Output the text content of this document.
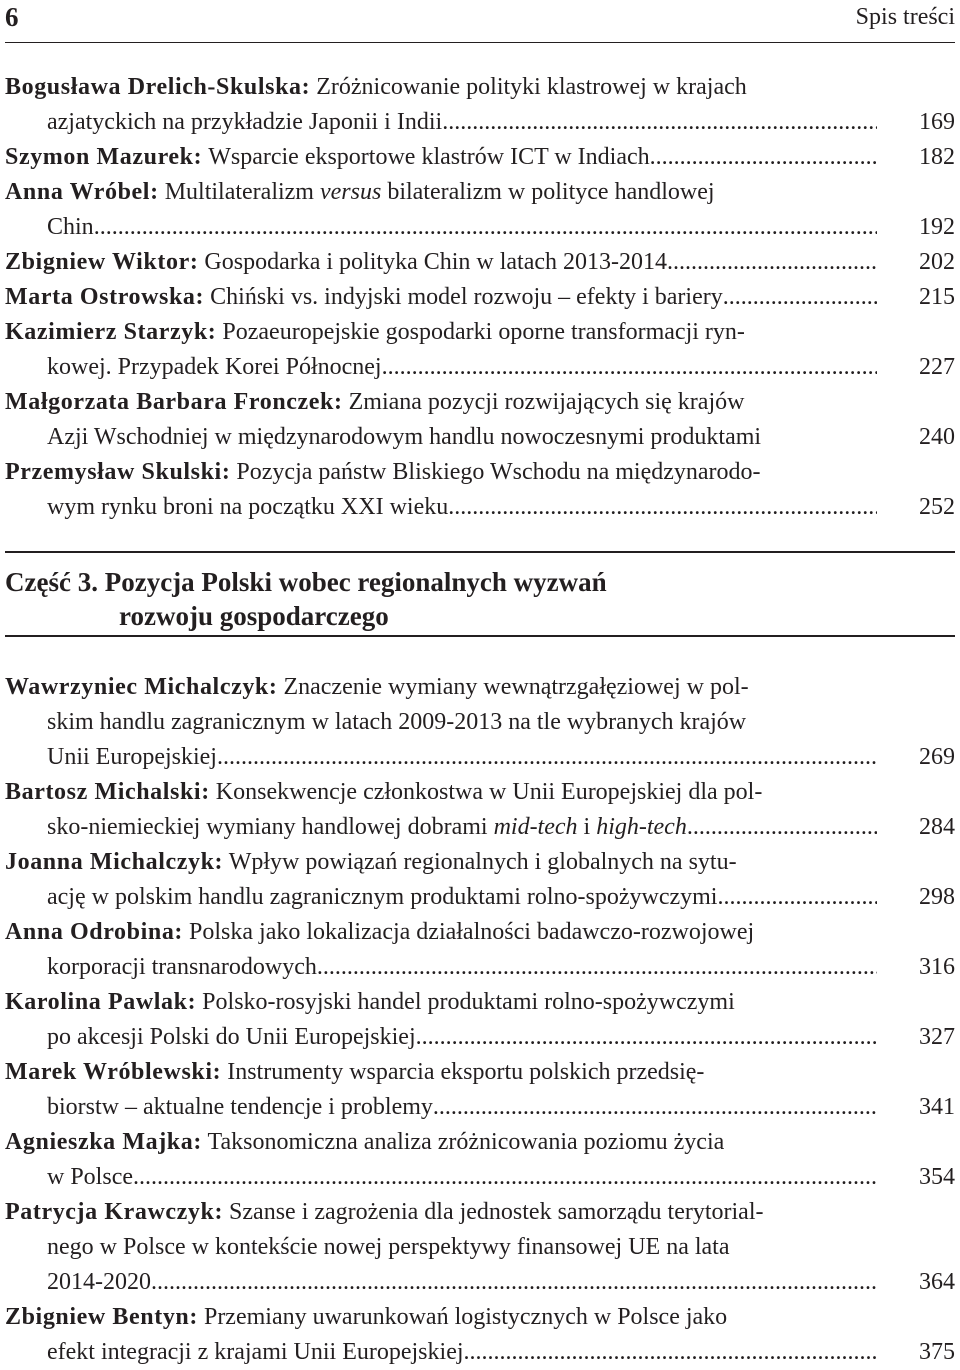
6	Spis treści
Bogusława Drelich-Skulska: Zróżnicowanie polityki klastrowej w krajach
azjatyckich na przykładzie Japonii i Indii . . .	169
Szymon Mazurek:
Wsparcie eksportowe klastrów ICT w Indiach . . .	182
Anna Wróbel: Multilateralizm versus bilateralizm w polityce handlowej
Chin . . .	192
Zbigniew Wiktor:
Gospodarka i polityka Chin w latach 2013-2014 . . .	202
Marta Ostrowska:
Chiński vs. indyjski model rozwoju – efekty i bariery . . .	215
Kazimierz Starzyk: Pozaeuropejskie gospodarki oporne transformacji ryn-
kowej. Przypadek Korei Północnej . . .	227
Małgorzata Barbara Fronczek: Zmiana pozycji rozwijających się krajów
Azji Wschodniej w międzynarodowym handlu nowoczesnymi produktami	240
Przemysław Skulski: Pozycja państw Bliskiego Wschodu na międzynarodo-
wym rynku broni na początku XXI wieku . . .	252
Część 3. Pozycja Polski wobec regionalnych wyzwań
rozwoju gospodarczego
Wawrzyniec Michalczyk: Znaczenie wymiany wewnątrzgałęziowej w pol-
skim handlu zagranicznym w latach 2009-2013 na tle wybranych krajów
Unii Europejskiej . . .	269
Bartosz Michalski: Konsekwencje członkostwa w Unii Europejskiej dla pol-
sko-niemieckiej wymiany handlowej dobrami
mid-tech
i
high-tech . . .	284
Joanna Michalczyk: Wpływ powiązań regionalnych i globalnych na sytu-
ację w polskim handlu zagranicznym produktami rolno-spożywczymi . . .	298
Anna Odrobina: Polska jako lokalizacja działalności badawczo-rozwojowej
korporacji transnarodowych . . .	316
Karolina Pawlak: Polsko-rosyjski handel produktami rolno-spożywczymi
po akcesji Polski do Unii Europejskiej . . .	327
Marek Wróblewski: Instrumenty wsparcia eksportu polskich przedsię-
biorstw – aktualne tendencje i problemy . . .	341
Agnieszka Majka: Taksonomiczna analiza zróżnicowania poziomu życia
w Polsce . . .	354
Patrycja Krawczyk: Szanse i zagrożenia dla jednostek samorządu terytorial-
nego w Polsce w kontekście nowej perspektywy finansowej UE na lata
2014-2020 . . .	364
Zbigniew Bentyn: Przemiany uwarunkowań logistycznych w Polsce jako
efekt integracji z krajami Unii Europejskiej . . .	375
